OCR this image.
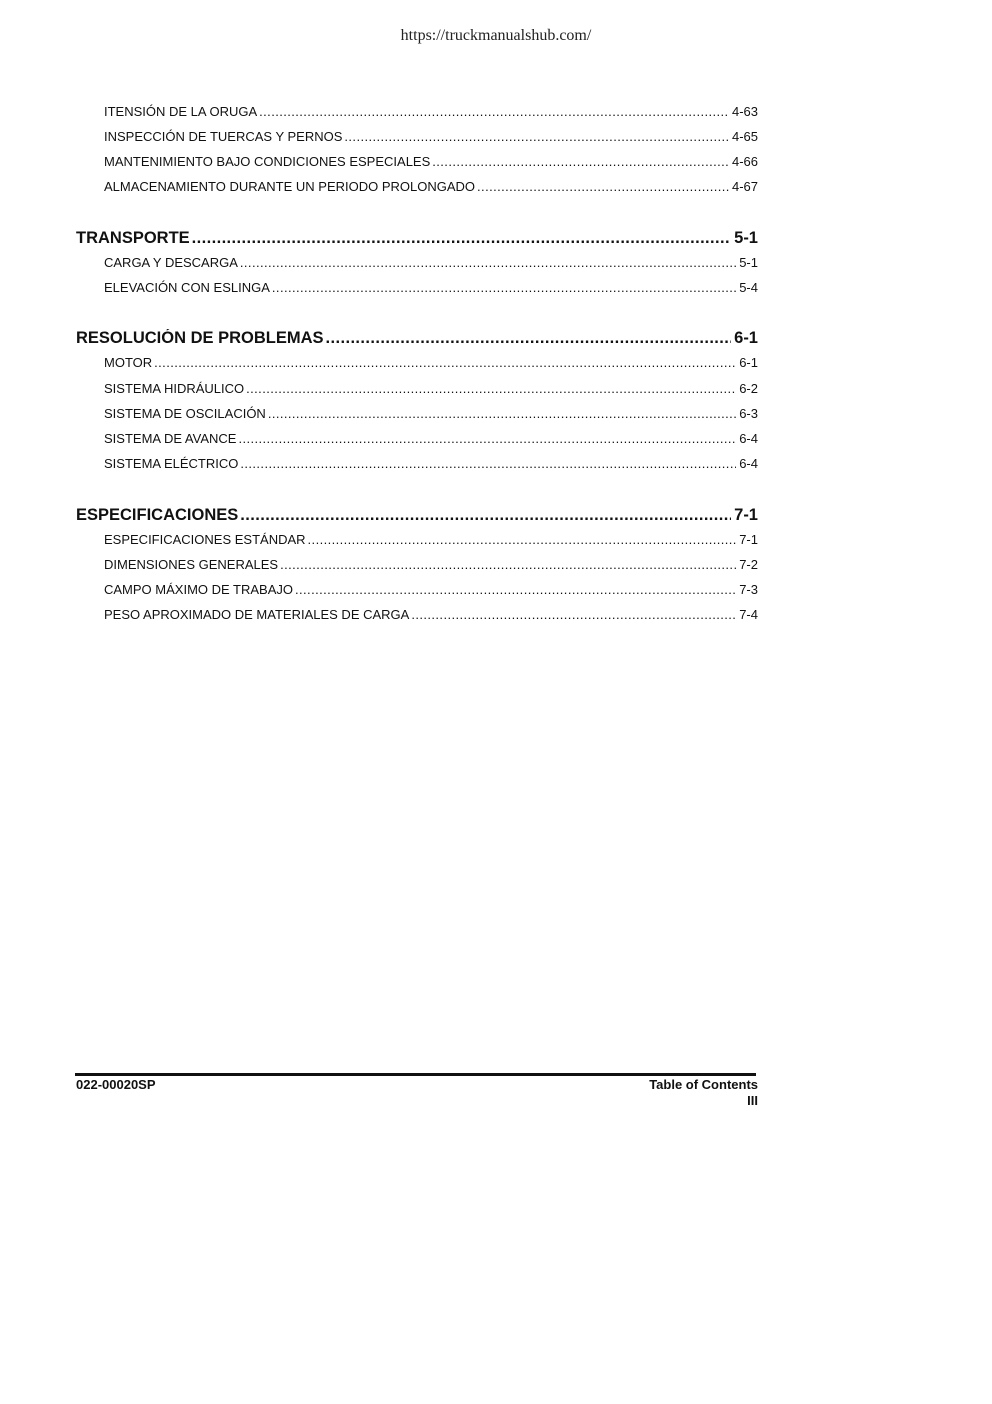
https://truckmanualshub.com/
ITENSIÓN DE LA ORUGA .....	4-63
INSPECCIÓN DE TUERCAS Y PERNOS .....	4-65
MANTENIMIENTO BAJO CONDICIONES ESPECIALES .....	4-66
ALMACENAMIENTO DURANTE UN PERIODO PROLONGADO .....	4-67
TRANSPORTE .....	5-1
CARGA Y DESCARGA .....	5-1
ELEVACIÓN CON ESLINGA .....	5-4
RESOLUCIÓN DE PROBLEMAS .....	6-1
MOTOR .....	6-1
SISTEMA HIDRÁULICO .....	6-2
SISTEMA DE OSCILACIÓN .....	6-3
SISTEMA DE AVANCE .....	6-4
SISTEMA ELÉCTRICO .....	6-4
ESPECIFICACIONES .....	7-1
ESPECIFICACIONES ESTÁNDAR .....	7-1
DIMENSIONES GENERALES .....	7-2
CAMPO MÁXIMO DE TRABAJO .....	7-3
PESO APROXIMADO DE MATERIALES DE CARGA .....	7-4
022-00020SP	Table of Contents
III
